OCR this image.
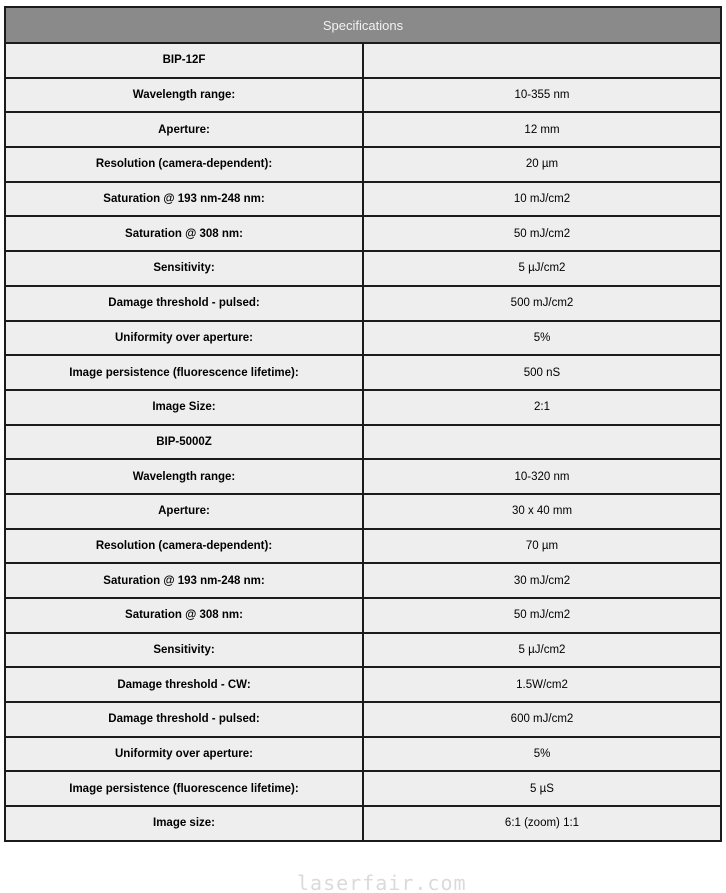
Specifications	
BIP-12F	
Wavelength range:	10-355 nm
Aperture:	12 mm
Resolution (camera-dependent):	20 µm
Saturation @ 193 nm-248 nm:	10 mJ/cm2
Saturation @ 308 nm:	50 mJ/cm2
Sensitivity:	5 µJ/cm2
Damage threshold - pulsed:	500 mJ/cm2
Uniformity over aperture:	5%
Image persistence (fluorescence lifetime):	500 nS
Image Size:	2:1
BIP-5000Z	
Wavelength range:	10-320 nm
Aperture:	30 x 40 mm
Resolution (camera-dependent):	70 µm
Saturation @ 193 nm-248 nm:	30 mJ/cm2
Saturation @ 308 nm:	50 mJ/cm2
Sensitivity:	5 µJ/cm2
Damage threshold - CW:	1.5W/cm2
Damage threshold - pulsed:	600 mJ/cm2
Uniformity over aperture:	5%
Image persistence (fluorescence lifetime):	5 µS
Image size:	6:1 (zoom) 1:1
laserfair.com
